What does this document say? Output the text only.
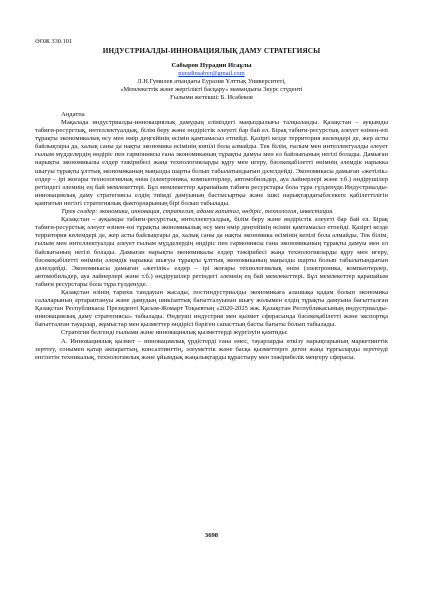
ӘОЖ 330.101

ИНДУСТРИАЛДЫ-ИННОВАЦИЯЛЫҚ ДАМУ СТРАТЕГИЯСЫ

Сабыров Нурадин Исаұлы

nuradinsabyr@gmail.com

Л.Н.Гумилев атындағы Еуразия Ұлттық Университеті,

«Мемлекеттік және жергілікті басқару» мамандығы 3курс студенті

Ғылыми жетекші: Б. Исабеков

Аңдатпа

Мақалада индустриалды-инновациялық дамудың еліміздегі маңыздылығы талқыланды. Қазақстан – ауқымды табиғи-ресурстық, интеллектуалдық, білім беру және өндірістік әлеуеті бар бай ел. Бірақ табиғи-ресурстық әлеует өзінен-өзі тұрақты экономикалық өсу мен өмір деңгейінің өсімін қамтамасыз етпейді. Қазіргі кезде территория көлемдері де, жер асты байлықтары да, халық саны да нақты экономика өсімінің көпілі бола алмайды. Тек білім, ғылым мен интеллектуалды әлеует ғылым мүдделердің өндіріс пен гармониясы ғана экономиканың тұрақты дамуы мен ел байлығының негізі болады. Дамыған нарықты экономикалы елдер тәжірибесі жаңа технологияларды құру мен игеру, бәсекеқабілетті өнімнің әлемдік нарыкка шығуы тұрақты ұлттық экономиканың маңызды шарты болып табылатындығын дәлелдейді. Экономикасы дамыған «жетілік» елдер – ірі жоғары технологиялық өнім (электроника, компьютерлер, автомобильдер, ауа лайнерлері және т.б.) өндірушілер ретіндегі әлемнің ең бай мемлекеттері. Бұл мемлекеттер қарапайым табиғи ресурстары бола тұра гүлденуде.Индустриалды-инновациялық даму стратегиясы елдің тиімді дамуының бастысыртқы және ішкі нарықтардағыбәсекеге қабілеттілігін қамтитын негізгі стратегиялық факторларының бірі болып табылады.

Тірек сөздер: экономика, инновация, стратегия, адами капитал, өндіріс, технология, инвестиция.

Қазақстан – ауқымды табиғи-ресурстық, интеллектуалдық, білім беру және өндірістік әлеуеті бар бай ел. Бірақ табиғи-ресурстық әлеует өзінен-өзі тұрақты экономикалық өсу мен өмір деңгейінің өсімін қамтамасыз етпейді. Қазіргі кезде территория көлемдері де, жер асты байлықтары да, халық саны да нақты экономика өсімінің кепілі бола алмайды. Тек білім, ғылым мен интеллектуалды әлеует ғылым мүдделердің өндіріс пен гармониясы ғана экономиканың тұрақты дамуы мен ел байлығының негізі болады. Дамыған нарықты экономикалы елдер тәжірибесі жаңа технологияларды құру мен игеру, бәсекеқабілетті өнімнің әлемдік нарыкка шығуы тұрақты ұлттық экономиканың маңызды шарты болып табылатындығын дәлелдейді. Экономикасы дамыған «жетілік» елдер – ірі жоғары технологиялық өнім (электроника, компьютерлер, автомобильдер, ауа лайнерлері және т.б.) өндірушілер ретіндегі әлемнің ең бай мемлекеттері. Бұл мемлекеттер қарапайым табиғи ресурстары бола тұра гүлденуде.

Қазақстан өзінің тарихи тандауын жасады, постиндустриалды экономикаға алашықа қадам болып экономика салаларының әртараптануы және дамудың шикізаттық бағытталуынан шығу жолымен елдің тұрақты дамуына бағытталған Қазақстан Республикасы Президенті Қасым-Жомарт Тоқаевтың «2020-2025 жж. Қазақстан Республикасының индустриалды-инновациялық даму стратегиясы» табылады. Өндеуші индустрия мен қызмет сферасында бәсекеқабілетті және экспортқа бағытталған тауарлар, жұмыстар мен қызметтер өндірісі бәріген сапасттың басты бағыты болып табылады.

Стратегия белгенді ғылыми және инновациялық қызметтерді жүргізуін қамтиды:

А. Инновациялық қызмет – инновациялық үрдістерді ғана емес, тауарларды өткізу нарықтарының маркетингтік зерттеу, сонымен қатар акпараттың, консалтингтің, элеуметтік және басқа қызметтерге деген жаңа тұрғыларды зерттеуді енгізетін техникалық, технологиялық және ұйымдық жаңалықтарды құрастыру мен тәжірибелік меңгеру сферасы.

3698
